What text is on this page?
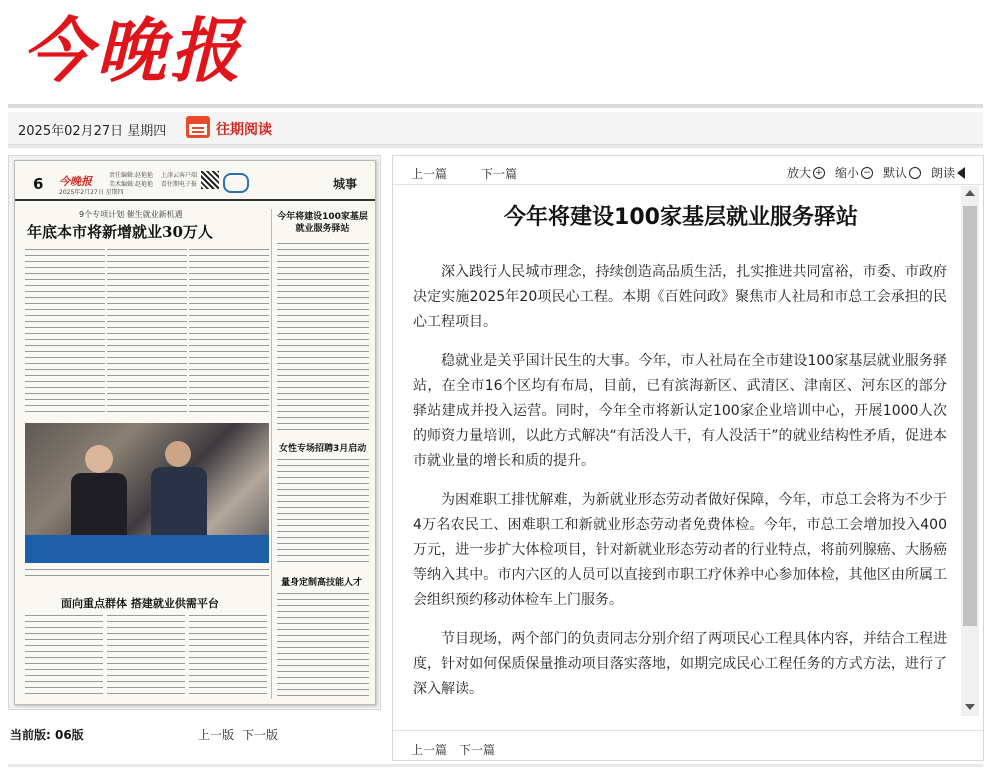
今晚报
2025年02月27日 星期四	往期阅读
6 今晚报
2025年2月27日 星期四
责任编辑:赵艳艳
美术编辑:赵艳艳
上津云客户端
看往期电子报	城事
9个专项计划 催生就业新机遇
年底本市将新增就业30万人
今年将建设100家基层就业服务驿站
女性专场招聘3月启动
量身定制高技能人才
面向重点群体 搭建就业供需平台
当前版: 06版	上一版 下一版
上一篇	下一篇	放大 + 缩小 − 默认 朗读
今年将建设100家基层就业服务驿站

深入践行人民城市理念，持续创造高品质生活，扎实推进共同富裕，市委、市政府决定实施2025年20项民心工程。本期《百姓问政》聚焦市人社局和市总工会承担的民心工程项目。

稳就业是关乎国计民生的大事。今年，市人社局在全市建设100家基层就业服务驿站，在全市16个区均有布局，目前，已有滨海新区、武清区、津南区、河东区的部分驿站建成并投入运营。同时，今年全市将新认定100家企业培训中心，开展1000人次的师资力量培训，以此方式解决“有活没人干，有人没活干”的就业结构性矛盾，促进本市就业量的增长和质的提升。

为困难职工排忧解难，为新就业形态劳动者做好保障，今年，市总工会将为不少于4万名农民工、困难职工和新就业形态劳动者免费体检。今年，市总工会增加投入400万元，进一步扩大体检项目，针对新就业形态劳动者的行业特点，将前列腺癌、大肠癌等纳入其中。市内六区的人员可以直接到市职工疗休养中心参加体检，其他区由所属工会组织预约移动体检车上门服务。

节目现场，两个部门的负责同志分别介绍了两项民心工程具体内容，并结合工程进度，针对如何保质保量推动项目落实落地，如期完成民心工程任务的方式方法，进行了深入解读。

上一篇 下一篇
